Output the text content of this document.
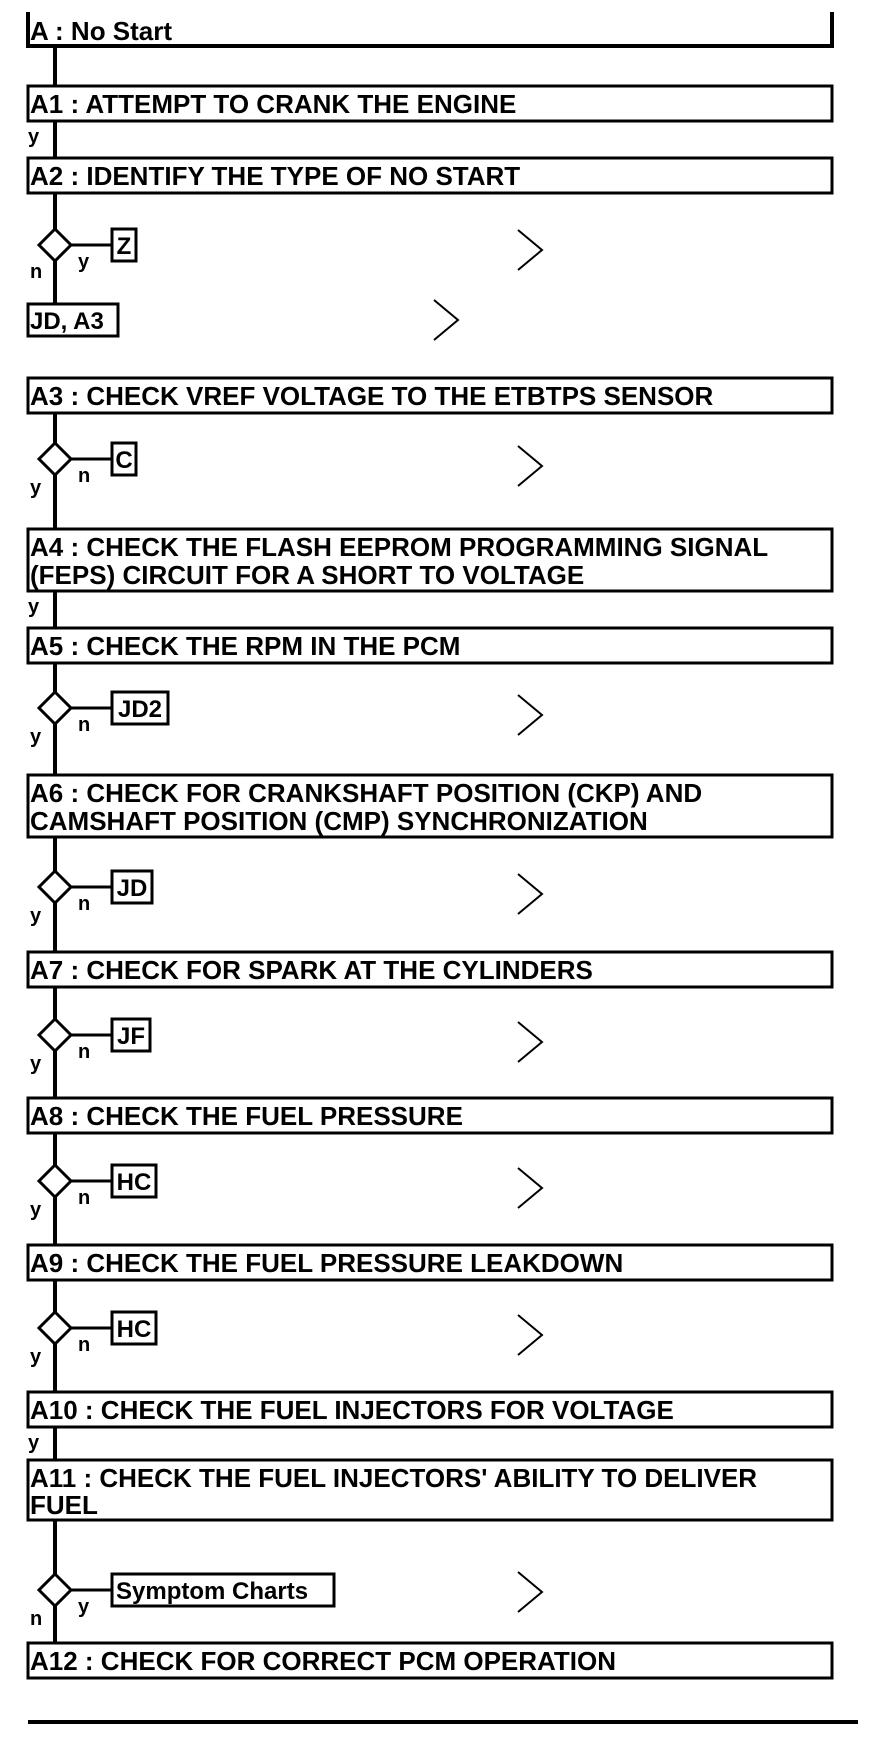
A : No Start
A1 : ATTEMPT TO CRANK THE ENGINE
A2 : IDENTIFY THE TYPE OF NO START
A3 : CHECK VREF VOLTAGE TO THE ETBTPS SENSOR
A4 : CHECK THE FLASH EEPROM PROGRAMMING SIGNAL
(FEPS) CIRCUIT FOR A SHORT TO VOLTAGE
A5 : CHECK THE RPM IN THE PCM
A6 : CHECK FOR CRANKSHAFT POSITION (CKP) AND
CAMSHAFT POSITION (CMP) SYNCHRONIZATION
A7 : CHECK FOR SPARK AT THE CYLINDERS
A8 : CHECK THE FUEL PRESSURE
A9 : CHECK THE FUEL PRESSURE LEAKDOWN
A10 : CHECK THE FUEL INJECTORS FOR VOLTAGE
A11 : CHECK THE FUEL INJECTORS' ABILITY TO DELIVER
FUEL
A12 : CHECK FOR CORRECT PCM OPERATION
y
y
y
Z
y
n
JD, A3
C
n
y
JD2
n
y
JD
n
y
JF
n
y
HC
n
y
HC
n
y
Symptom Charts
y
n
